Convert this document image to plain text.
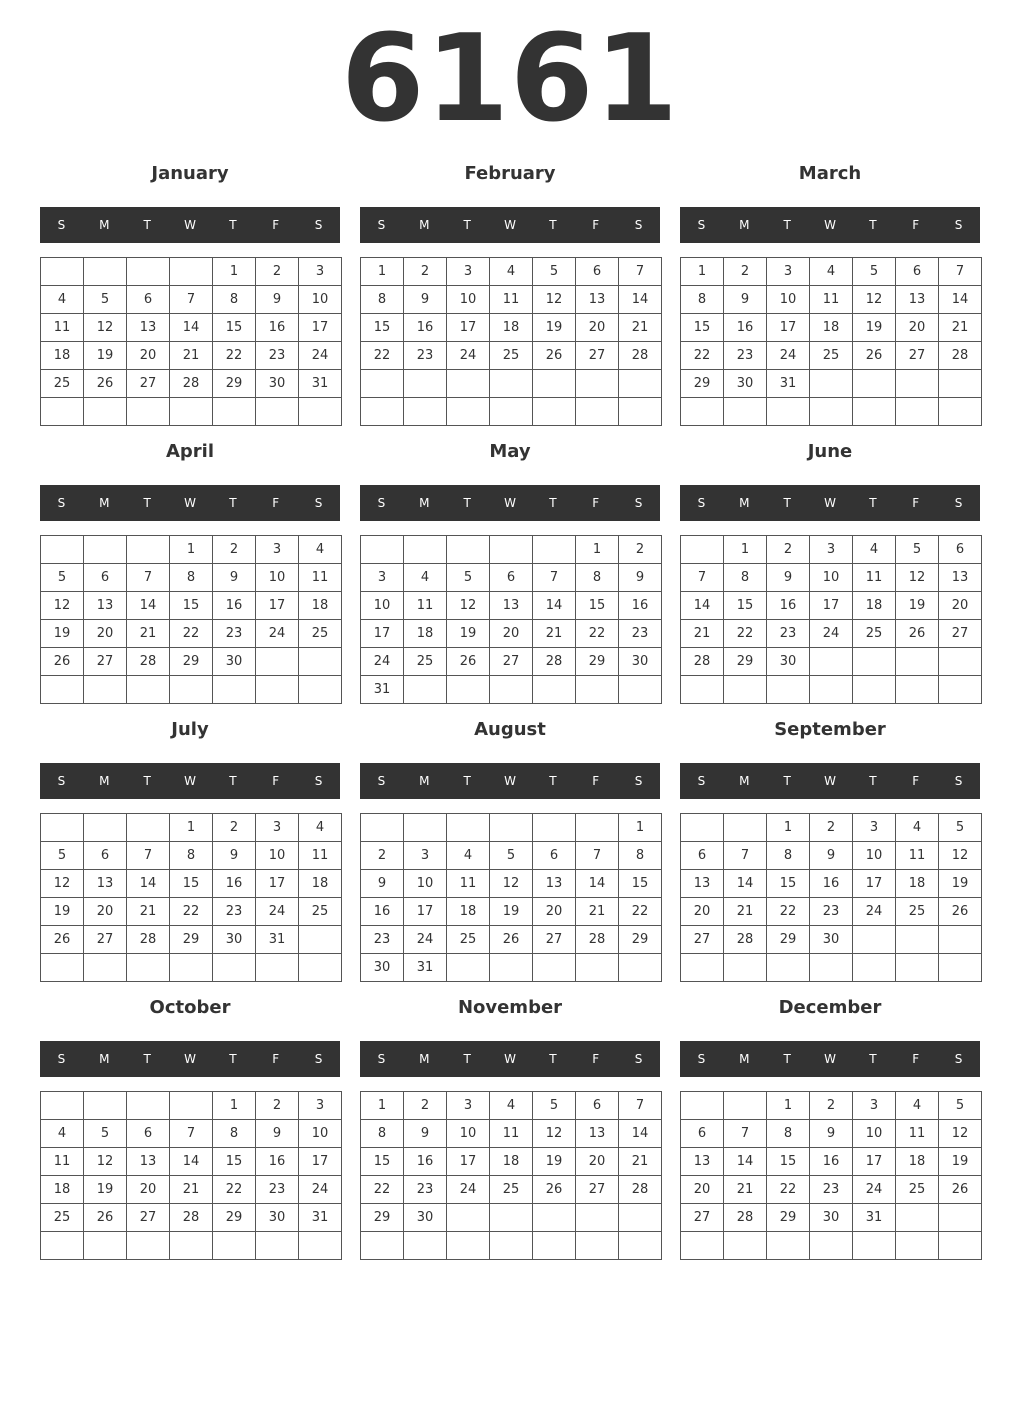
6161
January
S	M	T	W	T	F	S
				1	2	3
4	5	6	7	8	9	10
11	12	13	14	15	16	17
18	19	20	21	22	23	24
25	26	27	28	29	30	31

February
S	M	T	W	T	F	S
1	2	3	4	5	6	7
8	9	10	11	12	13	14
15	16	17	18	19	20	21
22	23	24	25	26	27	28

March
S	M	T	W	T	F	S
1	2	3	4	5	6	7
8	9	10	11	12	13	14
15	16	17	18	19	20	21
22	23	24	25	26	27	28
29	30	31				

April
S	M	T	W	T	F	S
			1	2	3	4
5	6	7	8	9	10	11
12	13	14	15	16	17	18
19	20	21	22	23	24	25
26	27	28	29	30		

May
S	M	T	W	T	F	S
					1	2
3	4	5	6	7	8	9
10	11	12	13	14	15	16
17	18	19	20	21	22	23
24	25	26	27	28	29	30
31						
June
S	M	T	W	T	F	S
	1	2	3	4	5	6
7	8	9	10	11	12	13
14	15	16	17	18	19	20
21	22	23	24	25	26	27
28	29	30				

July
S	M	T	W	T	F	S
			1	2	3	4
5	6	7	8	9	10	11
12	13	14	15	16	17	18
19	20	21	22	23	24	25
26	27	28	29	30	31	

August
S	M	T	W	T	F	S
						1
2	3	4	5	6	7	8
9	10	11	12	13	14	15
16	17	18	19	20	21	22
23	24	25	26	27	28	29
30	31					
September
S	M	T	W	T	F	S
		1	2	3	4	5
6	7	8	9	10	11	12
13	14	15	16	17	18	19
20	21	22	23	24	25	26
27	28	29	30			

October
S	M	T	W	T	F	S
				1	2	3
4	5	6	7	8	9	10
11	12	13	14	15	16	17
18	19	20	21	22	23	24
25	26	27	28	29	30	31

November
S	M	T	W	T	F	S
1	2	3	4	5	6	7
8	9	10	11	12	13	14
15	16	17	18	19	20	21
22	23	24	25	26	27	28
29	30					

December
S	M	T	W	T	F	S
		1	2	3	4	5
6	7	8	9	10	11	12
13	14	15	16	17	18	19
20	21	22	23	24	25	26
27	28	29	30	31		
